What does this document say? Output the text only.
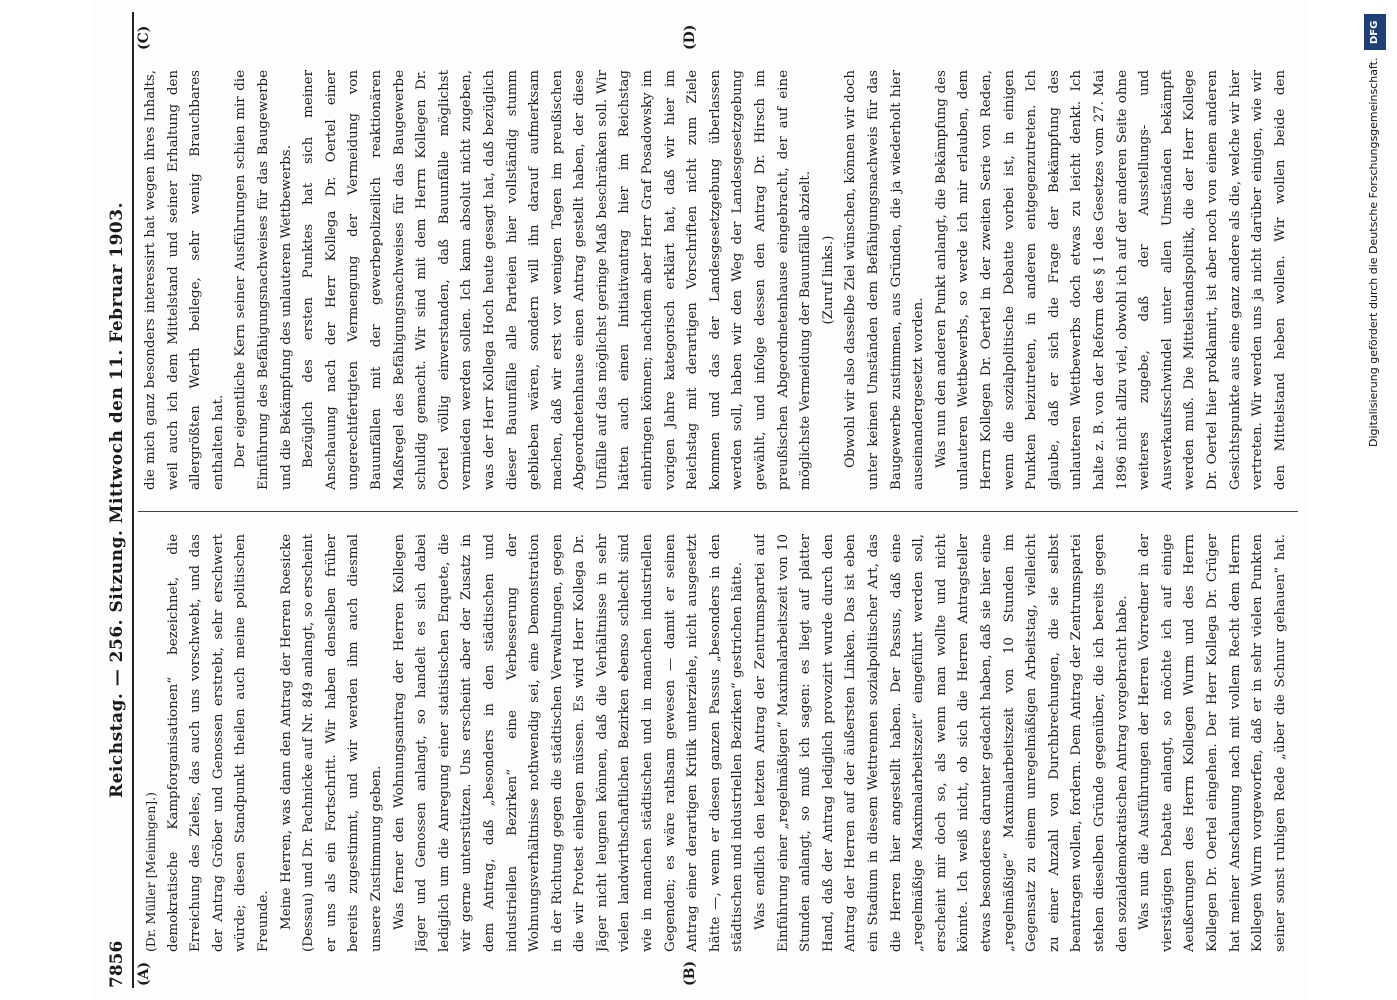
7856
Reichstag. — 256. Sitzung. Mittwoch den 11. Februar 1903.
(A)	(B)
(C)	(D)

(Dr. Müller [Meiningen].) demokratische Kampforganisationen“ bezeichnet, die Erreichung des Zieles, das auch uns vorschwebt, und das der Antrag Gröber und Genossen erstrebt, sehr erschwert würde; diesen Standpunkt theilen auch meine politischen Freunde. Meine Herren, was dann den Antrag der Herren Roesicke (Dessau) und Dr. Pachnicke auf Nr. 849 anlangt, so erscheint er uns als ein Fortschritt. Wir haben denselben früher bereits zugestimmt, und wir werden ihm auch diesmal unsere Zustimmung geben. Was ferner den Wohnungsantrag der Herren Kollegen Jäger und Genossen anlangt, so handelt es sich dabei lediglich um die Anregung einer statistischen Enquete, die wir gerne unterstützen. Uns erscheint aber der Zusatz in dem Antrag, daß „besonders in den städtischen und industriellen Bezirken“ eine Verbesserung der Wohnungsverhältnisse nothwendig sei, eine Demonstration in der Richtung gegen die städtischen Verwaltungen, gegen die wir Protest einlegen müssen. Es wird Herr Kollega Dr. Jäger nicht leugnen können, daß die Verhältnisse in sehr vielen landwirthschaftlichen Bezirken ebenso schlecht sind wie in manchen städtischen und in manchen industriellen Gegenden; es wäre rathsam gewesen — damit er seinen Antrag einer derartigen Kritik unterziehe, nicht ausgesetzt hätte —, wenn er diesen ganzen Passus „besonders in den städtischen und industriellen Bezirken“ gestrichen hätte. Was endlich den letzten Antrag der Zentrumspartei auf Einführung einer „regelmäßigen“ Maximalarbeitszeit von 10 Stunden anlangt, so muß ich sagen: es liegt auf platter Hand, daß der Antrag lediglich provozirt wurde durch den Antrag der Herren auf der äußersten Linken. Das ist eben ein Stadium in diesem Wettrennen sozialpolitischer Art, das die Herren hier angestellt haben. Der Passus, daß eine „regelmäßige Maximalarbeitszeit“ eingeführt werden soll, erscheint mir doch so, als wenn man wollte und nicht könnte. Ich weiß nicht, ob sich die Herren Antragsteller etwas besonderes darunter gedacht haben, daß sie hier eine „regelmäßige“ Maximalarbeitszeit von 10 Stunden im Gegensatz zu einem unregelmäßigen Arbeitstag, vielleicht zu einer Anzahl von Durchbrechungen, die sie selbst beantragen wollen, fordern. Dem Antrag der Zentrumspartei stehen dieselben Gründe gegenüber, die ich bereits gegen den sozialdemokratischen Antrag vorgebracht habe. Was nun die Ausführungen der Herren Vorredner in der vierstägigen Debatte anlangt, so möchte ich auf einige Aeußerungen des Herrn Kollegen Wurm und des Herrn Kollegen Dr. Oertel eingehen. Der Herr Kollega Dr. Crüger hat meiner Anschauung nach mit vollem Recht dem Herrn Kollegen Wurm vorgeworfen, daß er in sehr vielen Punkten seiner sonst ruhigen Rede „über die Schnur gehauen“ hat.

die mich ganz besonders interessirt hat wegen ihres Inhalts, weil auch ich dem Mittelstand und seiner Erhaltung den allergrößten Werth beilege, sehr wenig Brauchbares enthalten hat. Der eigentliche Kern seiner Ausführungen schien mir die Einführung des Befähigungsnachweises für das Baugewerbe und die Bekämpfung des unlauteren Wettbewerbs. Bezüglich des ersten Punktes hat sich meiner Anschauung nach der Herr Kollega Dr. Oertel einer ungerechtfertigten Vermengung der Vermeidung von Bauunfällen mit der gewerbepolizeilich reaktionären Maßregel des Befähigungsnachweises für das Baugewerbe schuldig gemacht. Wir sind mit dem Herrn Kollegen Dr. Oertel völlig einverstanden, daß Bauunfälle möglichst vermieden werden sollen. Ich kann absolut nicht zugeben, was der Herr Kollega Hoch heute gesagt hat, daß bezüglich dieser Bauunfälle alle Parteien hier vollständig stumm geblieben wären, sondern will ihn darauf aufmerksam machen, daß wir erst vor wenigen Tagen im preußischen Abgeordnetenhause einen Antrag gestellt haben, der diese Unfälle auf das möglichst geringe Maß beschränken soll. Wir hätten auch einen Initiativantrag hier im Reichstag einbringen können; nachdem aber Herr Graf Posadowsky im vorigen Jahre kategorisch erklärt hat, daß wir hier im Reichstag mit derartigen Vorschriften nicht zum Ziele kommen und das der Landesgesetzgebung überlassen werden soll, haben wir den Weg der Landesgesetzgebung gewählt, und infolge dessen den Antrag Dr. Hirsch im preußischen Abgeordnetenhause eingebracht, der auf eine möglichste Vermeidung der Bauunfälle abzielt. (Zuruf links.) Obwohl wir also dasselbe Ziel wünschen, können wir doch unter keinen Umständen dem Befähigungsnachweis für das Baugewerbe zustimmen, aus Gründen, die ja wiederholt hier auseinandergesetzt worden. Was nun den anderen Punkt anlangt, die Bekämpfung des unlauteren Wettbewerbs, so werde ich mir erlauben, dem Herrn Kollegen Dr. Oertel in der zweiten Serie von Reden, wenn die sozialpolitische Debatte vorbei ist, in einigen Punkten beizutreten, in anderen entgegenzutreten. Ich glaube, daß er sich die Frage der Bekämpfung des unlauteren Wettbewerbs doch etwas zu leicht denkt. Ich halte z. B. von der Reform des § 1 des Gesetzes vom 27. Mai 1896 nicht allzu viel, obwohl ich auf der anderen Seite ohne weiteres zugebe, daß der Ausstellungs- und Ausverkaufsschwindel unter allen Umständen bekämpft werden muß. Die Mittelstandspolitik, die der Herr Kollege Dr. Oertel hier proklamirt, ist aber noch von einem anderen Gesichtspunkte aus eine ganz andere als die, welche wir hier vertreten. Wir werden uns ja nicht darüber einigen, wie wir den Mittelstand heben wollen. Wir wollen beide den

DFG
Digitalisierung gefördert durch die Deutsche Forschungsgemeinschaft.
